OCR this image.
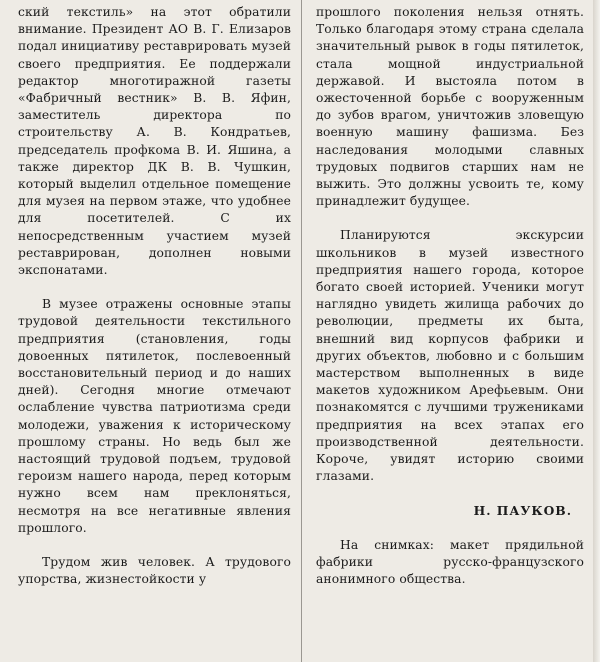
ский текстиль» на этот обратили внимание. Президент АО В. Г. Елизаров подал инициативу реставрировать музей своего предприятия. Ее поддержали редактор многотиражной газеты «Фабричный вестник» В. В. Яфин, заместитель директора по строительству А. В. Кондратьев, председатель профкома В. И. Яшина, а также директор ДК В. В. Чушкин, который выделил отдельное помещение для музея на первом этаже, что удобнее для посетителей. С их непосредственным участием музей реставрирован, дополнен новыми экспонатами.

В музее отражены основные этапы трудовой деятельности текстильного предприятия (становления, годы довоенных пятилеток, послевоенный восстановительный период и до наших дней). Сегодня многие отмечают ослабление чувства патриотизма среди молодежи, уважения к историческому прошлому страны. Но ведь был же настоящий трудовой подъем, трудовой героизм нашего народа, перед которым нужно всем нам преклоняться, несмотря на все негативные явления прошлого.

Трудом жив человек. А трудового упорства, жизнестойкости у

прошлого поколения нельзя отнять. Только благодаря этому страна сделала значительный рывок в годы пятилеток, стала мощной индустриальной державой. И выстояла потом в ожесточенной борьбе с вооруженным до зубов врагом, уничтожив зловещую военную машину фашизма. Без наследования молодыми славных трудовых подвигов старших нам не выжить. Это должны усвоить те, кому принадлежит будущее.

Планируются экскурсии школьников в музей известного предприятия нашего города, которое богато своей историей. Ученики могут наглядно увидеть жилища рабочих до революции, предметы их быта, внешний вид корпусов фабрики и других объектов, любовно и с большим мастерством выполненных в виде макетов художником Арефьевым. Они познакомятся с лучшими тружениками предприятия на всех этапах его производственной деятельности. Короче, увидят историю своими глазами.

Н. ПАУКОВ.

На снимках: макет прядильной фабрики русско-французского анонимного общества.
